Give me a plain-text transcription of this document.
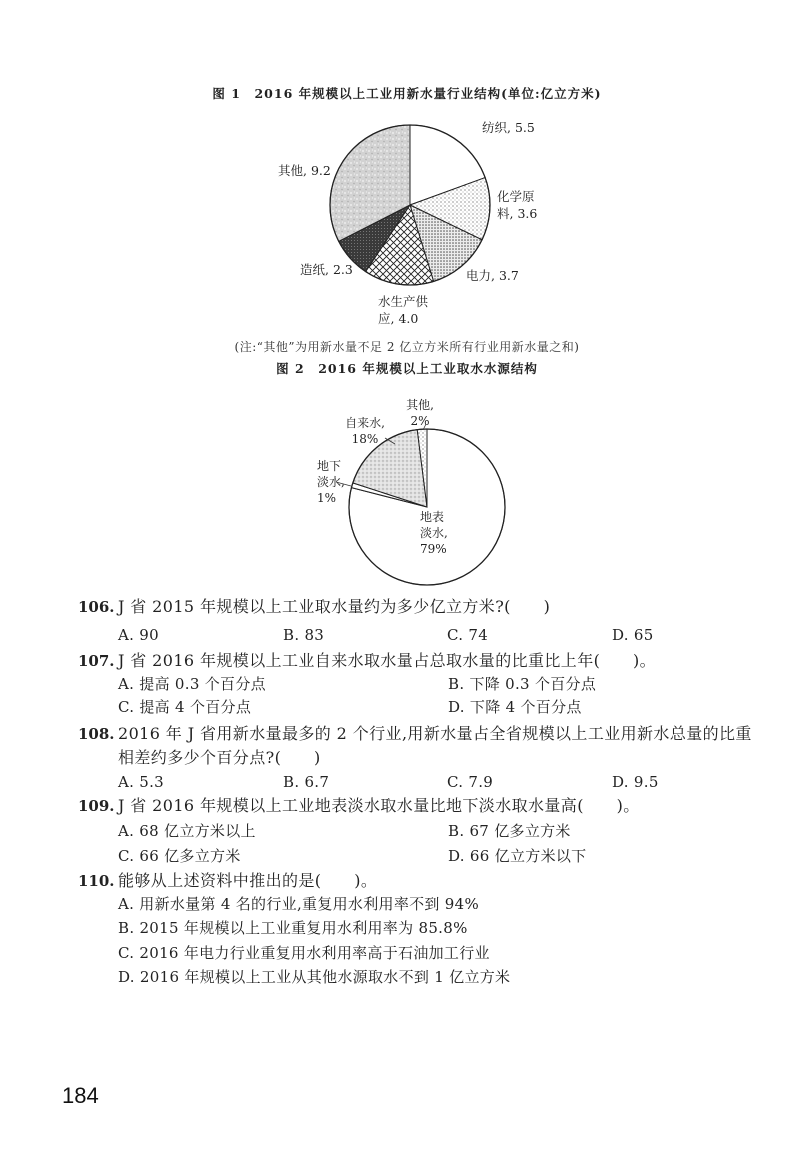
图 1　2016 年规模以上工业用新水量行业结构(单位:亿立方米)
纺织, 5.5
化学原
料, 3.6
电力, 3.7
水生产供
应, 4.0
造纸, 2.3
其他, 9.2
(注:“其他”为用新水量不足 2 亿立方米所有行业用新水量之和)
图 2　2016 年规模以上工业取水水源结构
其他,
2%
自来水,
18%
地下
淡水,
1%
地表
淡水,
79%
106. J 省 2015 年规模以上工业取水量约为多少亿立方米?(　　)
A. 90	B. 83	C. 74	D. 65
107. J 省 2016 年规模以上工业自来水取水量占总取水量的比重比上年(　　)。
A. 提高 0.3 个百分点	B. 下降 0.3 个百分点
C. 提高 4 个百分点	D. 下降 4 个百分点
108. 2016 年 J 省用新水量最多的 2 个行业,用新水量占全省规模以上工业用新水总量的比重
相差约多少个百分点?(　　)
A. 5.3	B. 6.7	C. 7.9	D. 9.5
109. J 省 2016 年规模以上工业地表淡水取水量比地下淡水取水量高(　　)。
A. 68 亿立方米以上	B. 67 亿多立方米
C. 66 亿多立方米	D. 66 亿立方米以下
110. 能够从上述资料中推出的是(　　)。
A. 用新水量第 4 名的行业,重复用水利用率不到 94%
B. 2015 年规模以上工业重复用水利用率为 85.8%
C. 2016 年电力行业重复用水利用率高于石油加工行业
D. 2016 年规模以上工业从其他水源取水不到 1 亿立方米
184
